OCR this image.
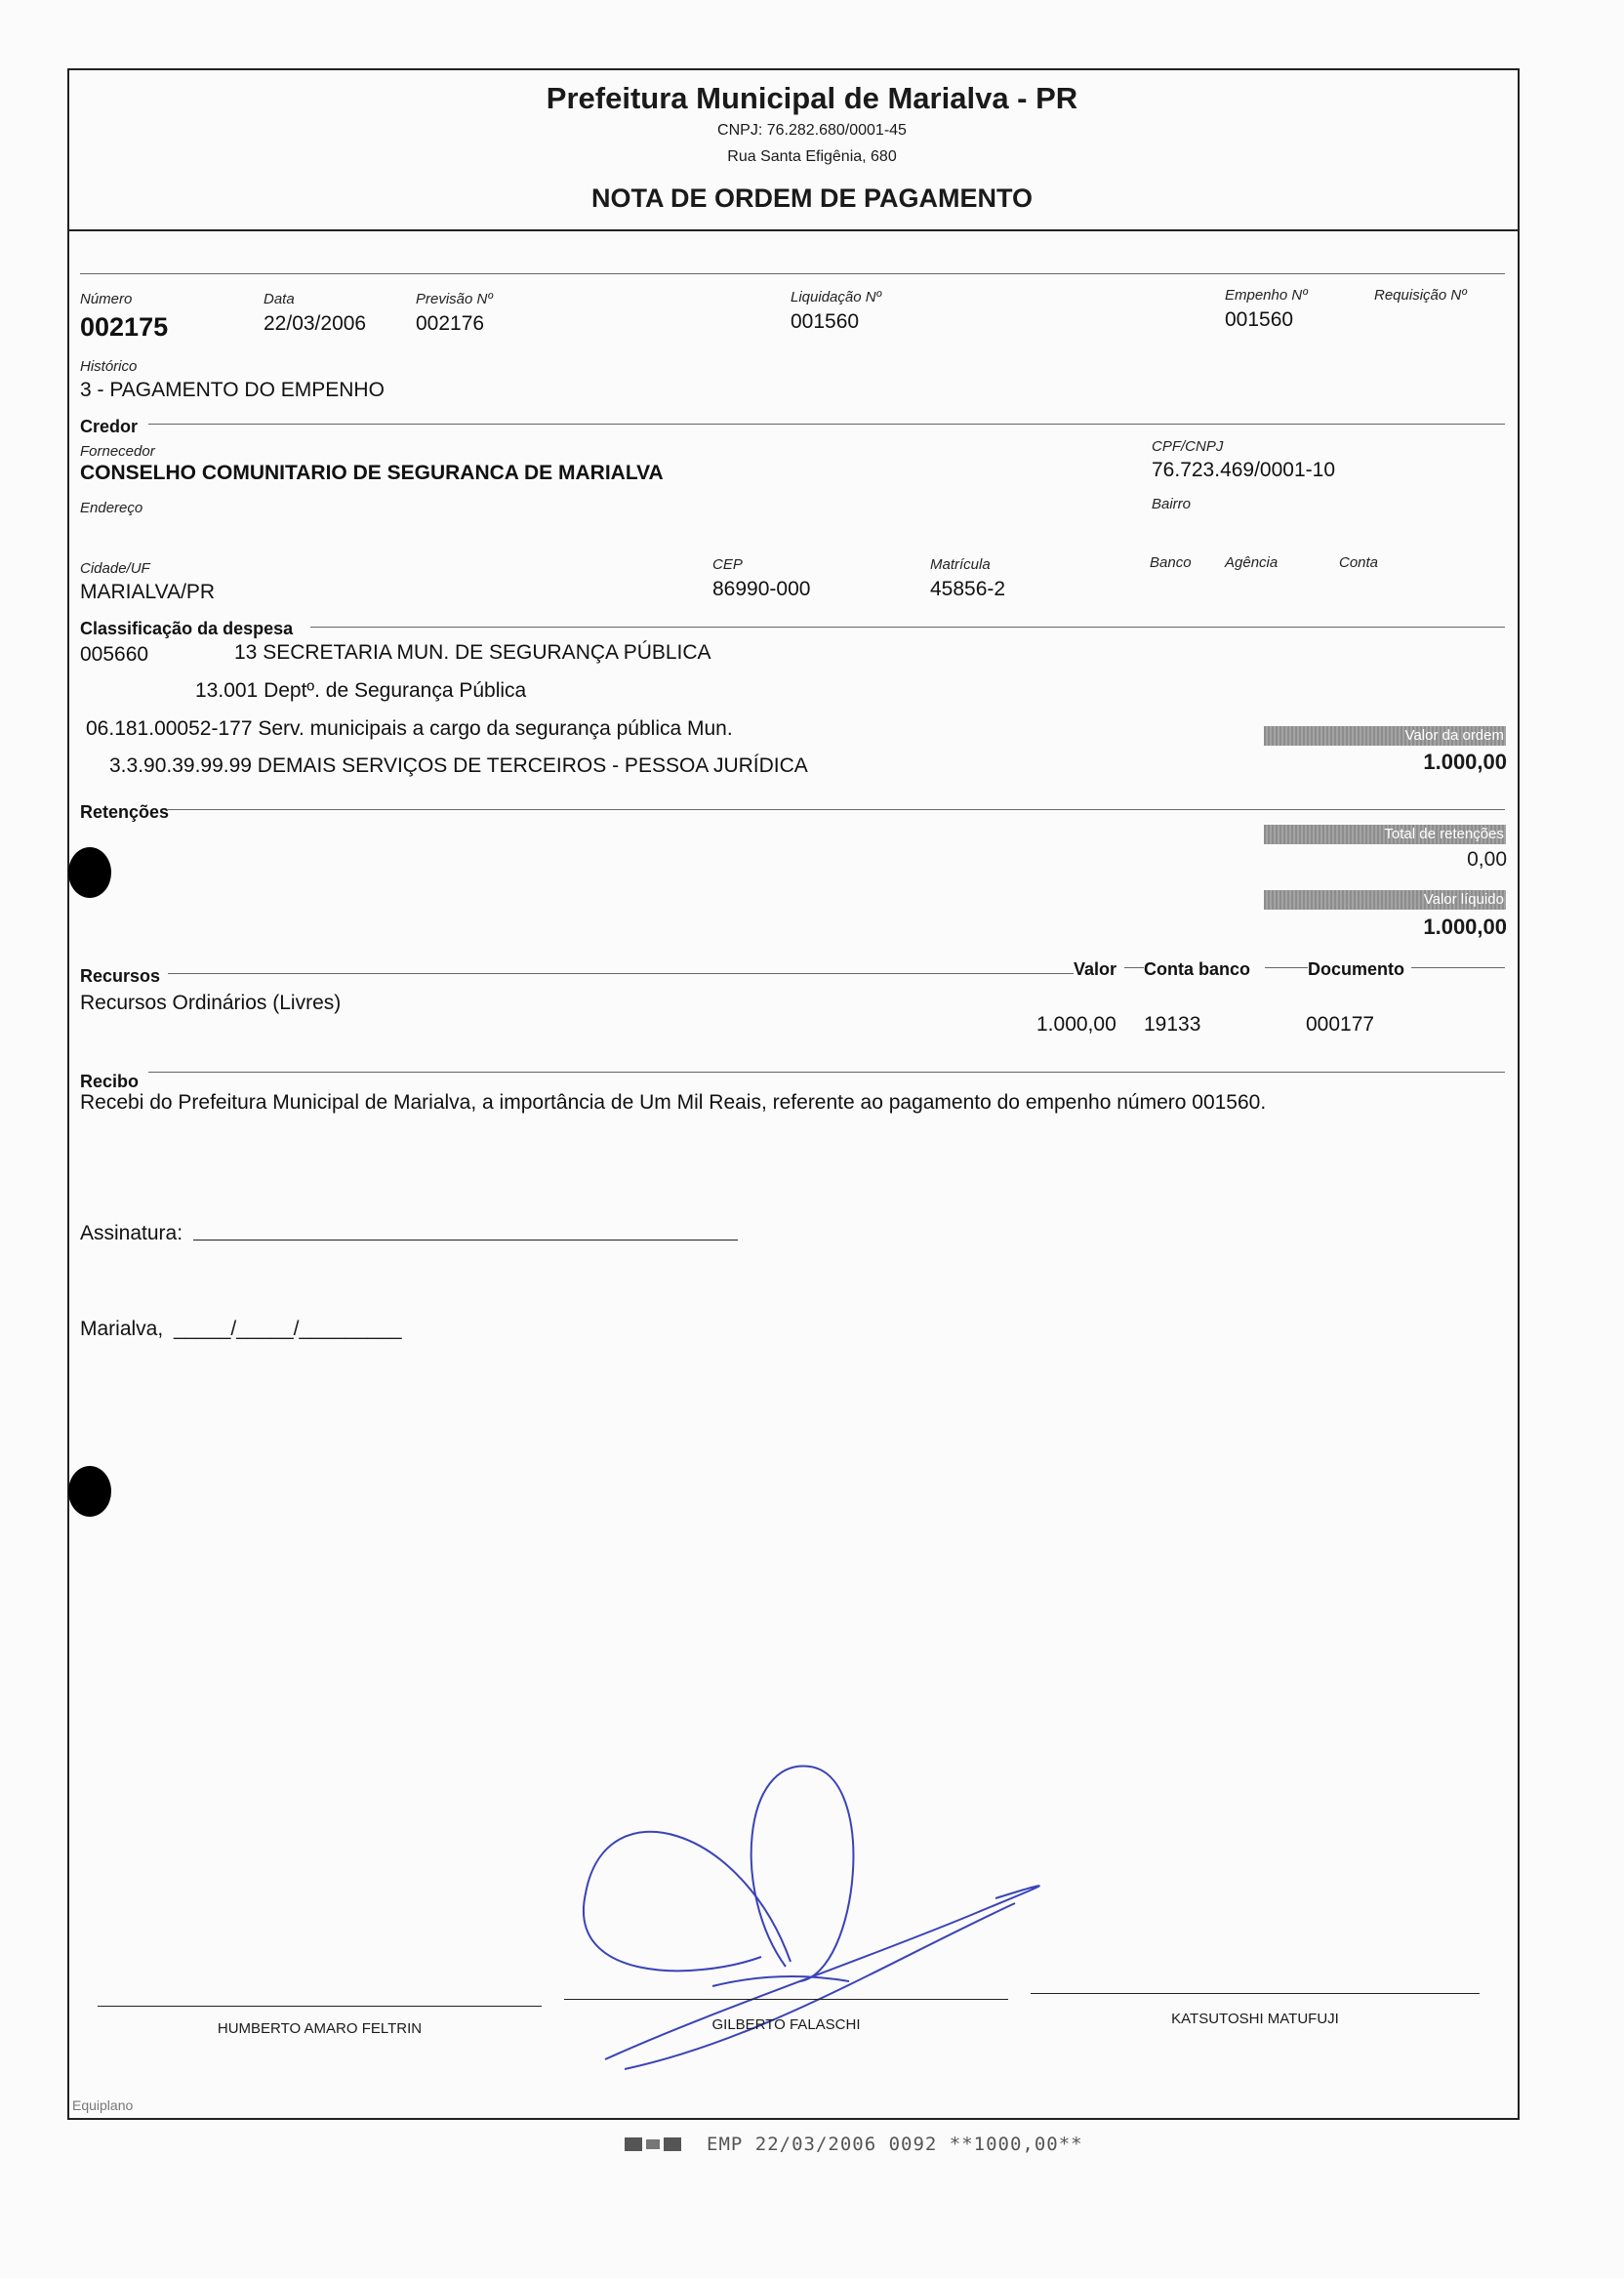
Prefeitura Municipal de Marialva - PR
CNPJ: 76.282.680/0001-45
Rua Santa Efigênia, 680
NOTA DE ORDEM DE PAGAMENTO
Número
002175
Data
22/03/2006
Previsão Nº
002176
Liquidação Nº
001560
Empenho Nº
001560
Requisição Nº
Histórico
3 - PAGAMENTO DO EMPENHO
Credor
Fornecedor
CONSELHO COMUNITARIO DE SEGURANCA DE MARIALVA
CPF/CNPJ
76.723.469/0001-10
Endereço	Bairro
Cidade/UF
MARIALVA/PR
CEP
86990-000
Matrícula
45856-2
Banco Agência	Conta
Classificação da despesa
005660	13 SECRETARIA MUN. DE SEGURANÇA PÚBLICA
13.001 Deptº. de Segurança Pública
06.181.00052-177 Serv. municipais a cargo da segurança pública Mun.
3.3.90.39.99.99 DEMAIS SERVIÇOS DE TERCEIROS - PESSOA JURÍDICA
Valor da ordem
1.000,00
Retenções
Total de retenções
0,00
Valor líquido
1.000,00
Recursos	Valor Conta banco	Documento
Recursos Ordinários (Livres)
1.000,00 19133	000177
Recibo
Recebi do Prefeitura Municipal de Marialva, a importância de Um Mil Reais, referente ao pagamento do empenho número 001560.
Assinatura:
Marialva, _____/_____/_________
HUMBERTO AMARO FELTRIN	GILBERTO FALASCHI	KATSUTOSHI MATUFUJI
Equiplano
EMP 22/03/2006 0092 **1000,00**
